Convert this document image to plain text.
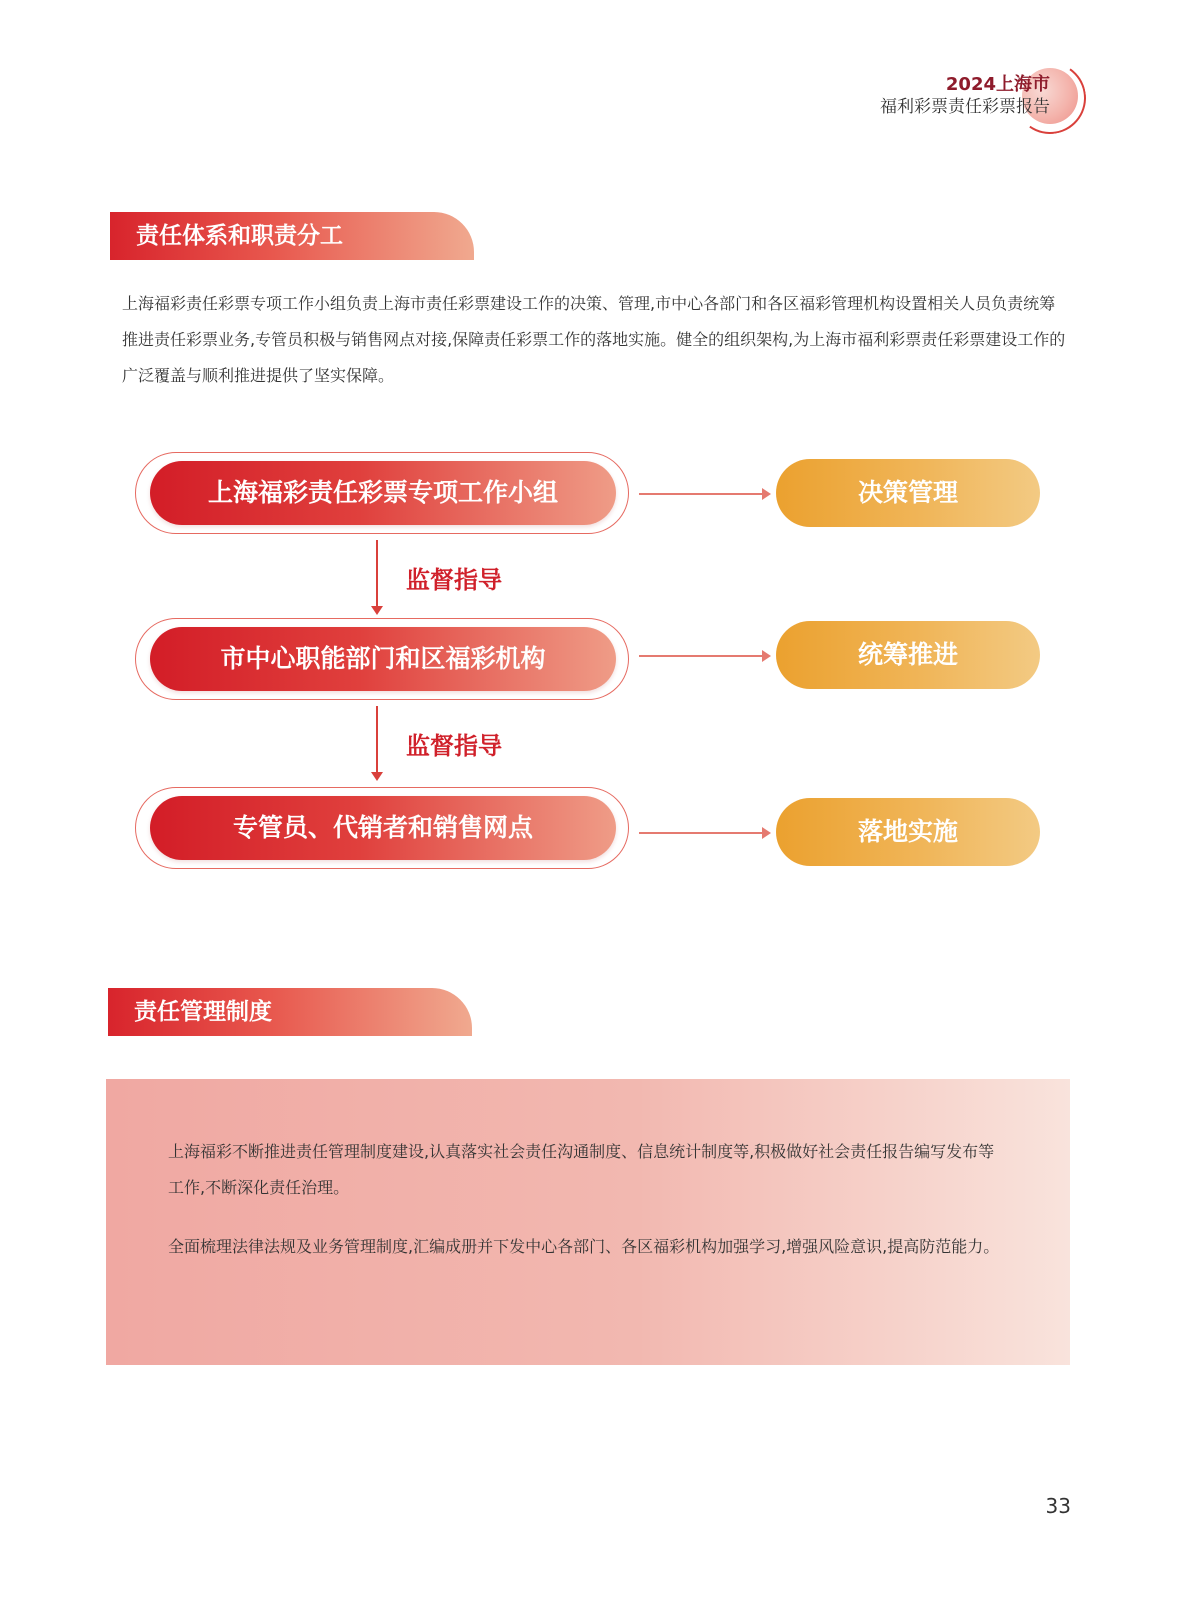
2024上海市
福利彩票责任彩票报告
责任体系和职责分工
上海福彩责任彩票专项工作小组负责上海市责任彩票建设工作的决策、管理,市中心各部门和各区福彩管理机构设置相关人员负责统筹推进责任彩票业务,专管员积极与销售网点对接,保障责任彩票工作的落地实施。健全的组织架构,为上海市福利彩票责任彩票建设工作的广泛覆盖与顺利推进提供了坚实保障。
上海福彩责任彩票专项工作小组	决策管理
监督指导
市中心职能部门和区福彩机构	统筹推进
监督指导
专管员、代销者和销售网点	落地实施
责任管理制度
上海福彩不断推进责任管理制度建设,认真落实社会责任沟通制度、信息统计制度等,积极做好社会责任报告编写发布等工作,不断深化责任治理。
全面梳理法律法规及业务管理制度,汇编成册并下发中心各部门、各区福彩机构加强学习,增强风险意识,提高防范能力。
33
